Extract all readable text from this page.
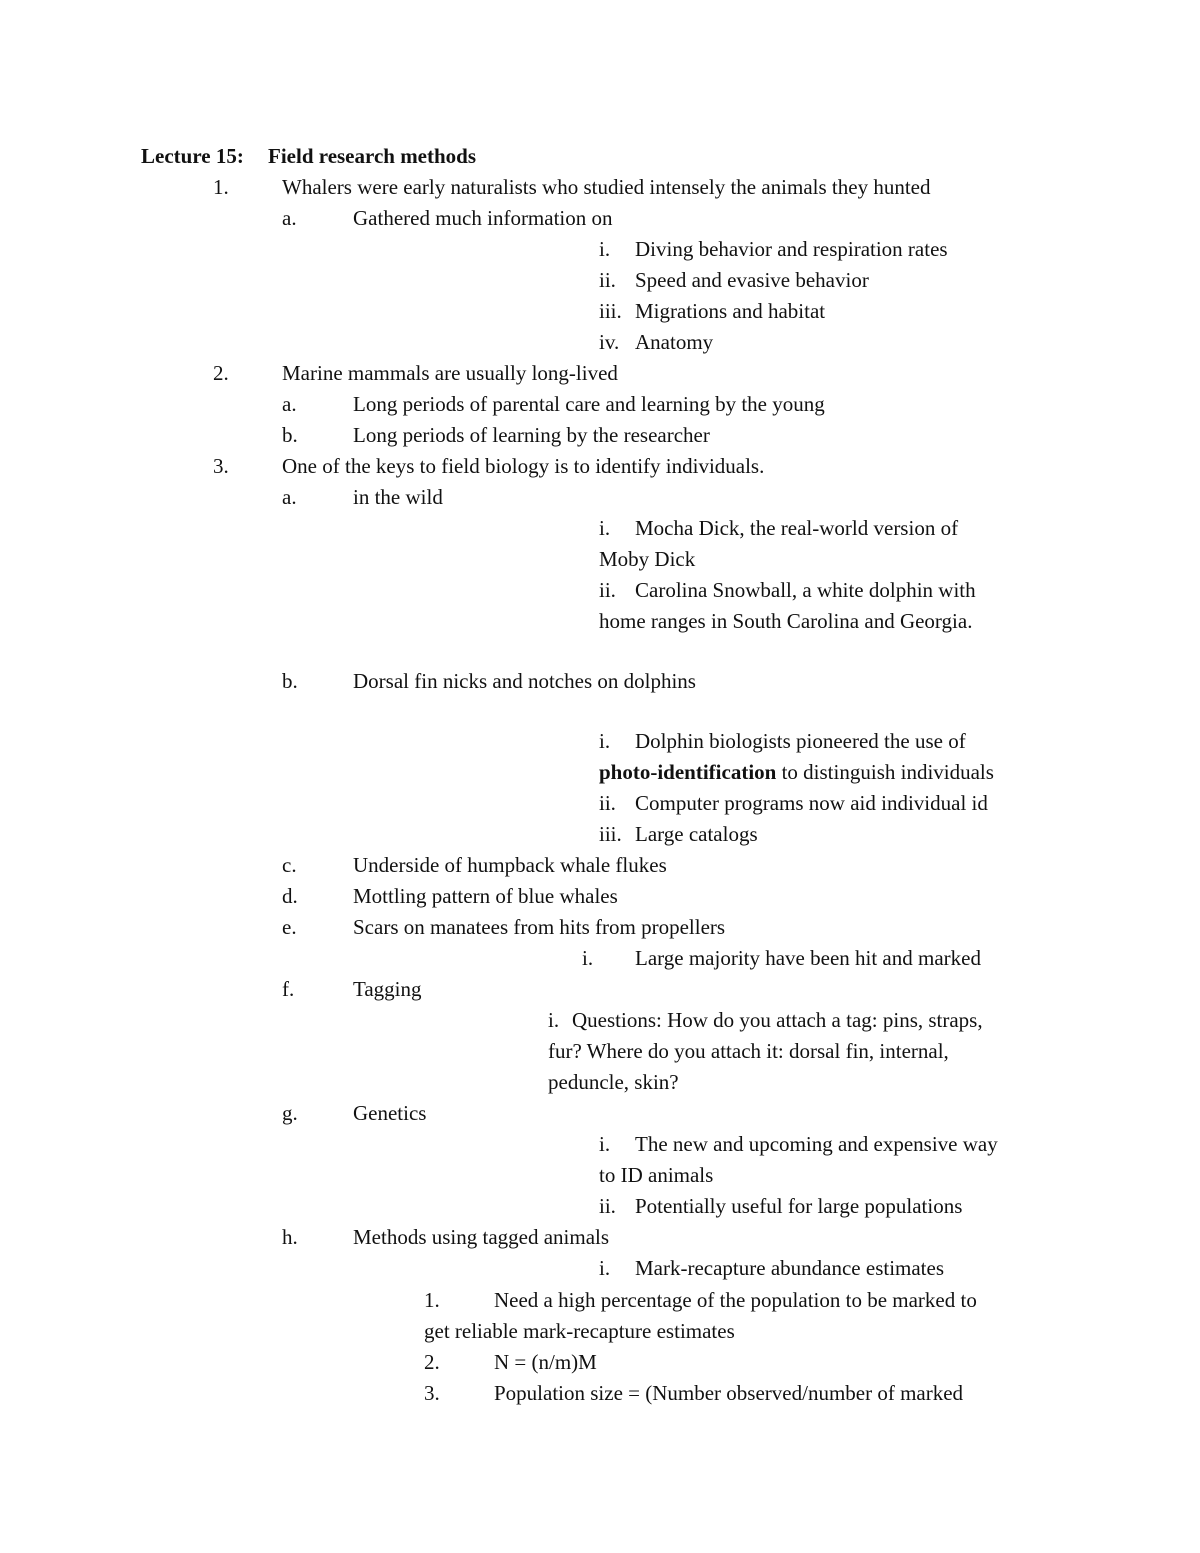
Lecture 15: Field research methods
1.	Whalers were early naturalists who studied intensely the animals they hunted
a.	Gathered much information on
i. Diving behavior and respiration rates
ii. Speed and evasive behavior
iii. Migrations and habitat
iv. Anatomy
2.	Marine mammals are usually long-lived
a.	Long periods of parental care and learning by the young
b.	Long periods of learning by the researcher
3.	One of the keys to field biology is to identify individuals.
a.	in the wild
i. Mocha Dick, the real-world version of
Moby Dick
ii. Carolina Snowball, a white dolphin with
home ranges in South Carolina and Georgia.
b.	Dorsal fin nicks and notches on dolphins
i. Dolphin biologists pioneered the use of
photo-identification to distinguish individuals
ii. Computer programs now aid individual id
iii. Large catalogs
c.	Underside of humpback whale flukes
d.	Mottling pattern of blue whales
e.	Scars on manatees from hits from propellers
i. Large majority have been hit and marked
f.	Tagging
i. Questions: How do you attach a tag: pins, straps,
fur? Where do you attach it: dorsal fin, internal,
peduncle, skin?
g.	Genetics
i. The new and upcoming and expensive way
to ID animals
ii. Potentially useful for large populations
h.	Methods using tagged animals
i. Mark-recapture abundance estimates
1.	Need a high percentage of the population to be marked to
get reliable mark-recapture estimates
2.	N = (n/m)M
3.	Population size = (Number observed/number of marked
